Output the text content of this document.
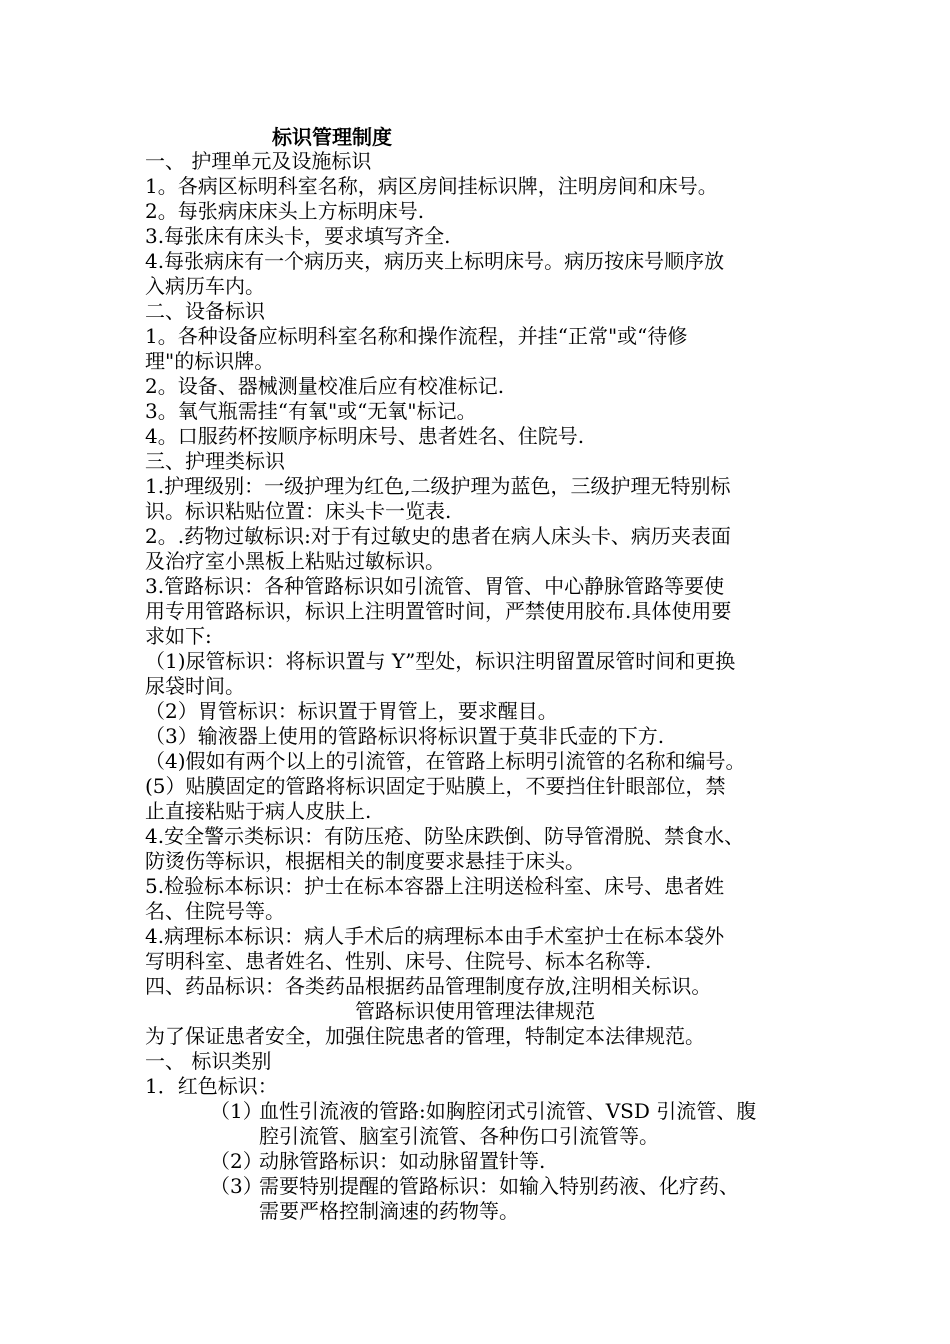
标识管理制度
一、 护理单元及设施标识
1。各病区标明科室名称，病区房间挂标识牌，注明房间和床号。
2。每张病床床头上方标明床号.
3.每张床有床头卡，要求填写齐全.
4.每张病床有一个病历夹，病历夹上标明床号。病历按床号顺序放
入病历车内。
二、设备标识
1。各种设备应标明科室名称和操作流程，并挂“正常"或“待修
理"的标识牌。
2。设备、器械测量校准后应有校准标记.
3。氧气瓶需挂“有氧"或“无氧"标记。
4。口服药杯按顺序标明床号、患者姓名、住院号.
三、护理类标识
1.护理级别：一级护理为红色,二级护理为蓝色，三级护理无特别标
识。标识粘贴位置：床头卡一览表.
2。.药物过敏标识:对于有过敏史的患者在病人床头卡、病历夹表面
及治疗室小黑板上粘贴过敏标识。
3.管路标识：各种管路标识如引流管、胃管、中心静脉管路等要使
用专用管路标识，标识上注明置管时间，严禁使用胶布.具体使用要
求如下:
（1)尿管标识：将标识置与 Y”型处，标识注明留置尿管时间和更换
尿袋时间。
（2）胃管标识：标识置于胃管上，要求醒目。
（3）输液器上使用的管路标识将标识置于莫非氏壶的下方.
（4)假如有两个以上的引流管，在管路上标明引流管的名称和编号。
(5）贴膜固定的管路将标识固定于贴膜上，不要挡住针眼部位，禁
止直接粘贴于病人皮肤上.
4.安全警示类标识：有防压疮、防坠床跌倒、防导管滑脱、禁食水、
防烫伤等标识，根据相关的制度要求悬挂于床头。
5.检验标本标识：护士在标本容器上注明送检科室、床号、患者姓
名、住院号等。
4.病理标本标识：病人手术后的病理标本由手术室护士在标本袋外
写明科室、患者姓名、性别、床号、住院号、标本名称等.
四、药品标识：各类药品根据药品管理制度存放,注明相关标识。
管路标识使用管理法律规范
为了保证患者安全，加强住院患者的管理，特制定本法律规范。
一、 标识类别
1．红色标识：
（1）
血性引流液的管路:如胸腔闭式引流管、VSD 引流管、腹
腔引流管、脑室引流管、各种伤口引流管等。
（2）
动脉管路标识：如动脉留置针等.
（3）
需要特别提醒的管路标识：如输入特别药液、化疗药、
需要严格控制滴速的药物等。
